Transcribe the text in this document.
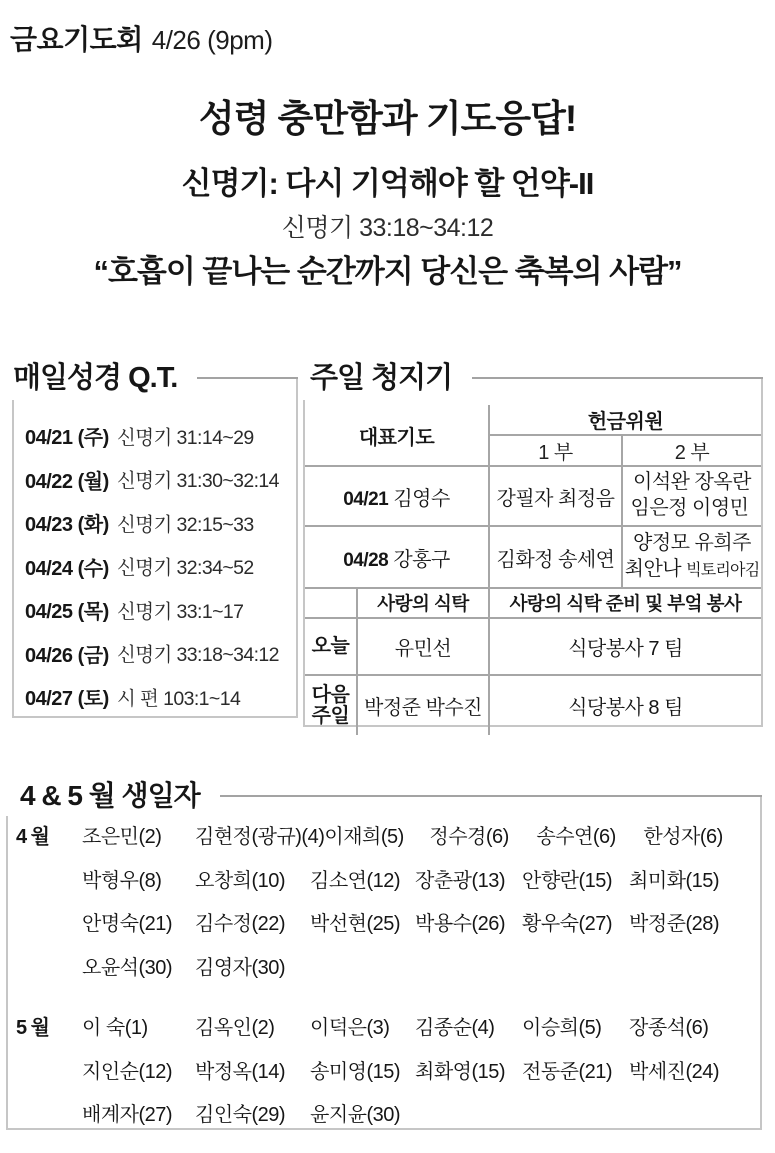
금요기도회 4/26 (9pm)
성령 충만함과 기도응답!
신명기: 다시 기억해야 할 언약-II
신명기 33:18~34:12
“호흡이 끝나는 순간까지 당신은 축복의 사람”
매일성경 Q.T.
04/21 (주) 신명기 31:14~29
04/22 (월) 신명기 31:30~32:14
04/23 (화) 신명기 32:15~33
04/24 (수) 신명기 32:34~52
04/25 (목) 신명기 33:1~17
04/26 (금) 신명기 33:18~34:12
04/27 (토) 시 편 103:1~14
주일 청지기
대표기도		헌금위원	
		1 부	2 부
04/21 김영수		강필자 최정음	이석완 장옥란
임은정 이영민

04/28 강홍구		김화정 송세연	양정모 유희주
최안나 빅토리아김

	사랑의 식탁	사랑의 식탁 준비 및 부엌 봉사	

오늘	유민선	식당봉사 7 팀	

다음
주일	박정준 박수진	식당봉사 8 팀	
4 & 5 월 생일자
4 월	조은민(2)	김현정(광규)(4) 이재희(5)	정수경(6)	송수연(6)	한성자(6)
박형우(8)	오창희(10)	김소연(12) 장춘광(13) 안향란(15) 최미화(15)
안명숙(21)	김수정(22)	박선현(25) 박용수(26) 황우숙(27) 박정준(28)
오윤석(30)	김영자(30)
5 월	이 숙(1)	김옥인(2)	이덕은(3)	김종순(4)	이승희(5)	장종석(6)
지인순(12)	박정옥(14)	송미영(15) 최화영(15) 전동준(21) 박세진(24)
배계자(27)	김인숙(29)	윤지윤(30)
